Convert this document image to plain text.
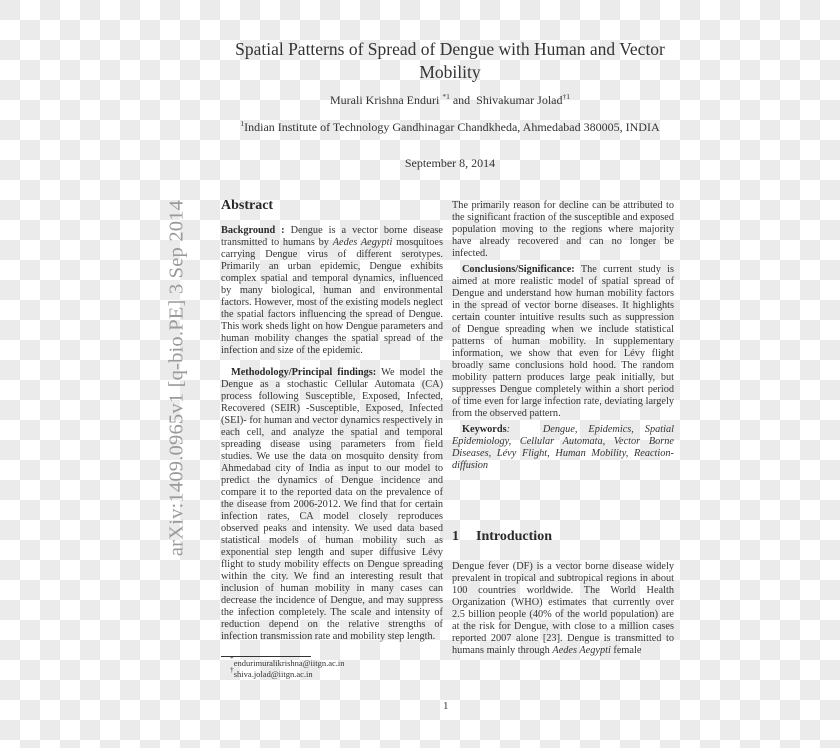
Spatial Patterns of Spread of Dengue with Human and Vector Mobility
Murali Krishna Enduri $^{*1}$ and Shivakumar Jolad$^{\dagger 1}$
$^1$Indian Institute of Technology Gandhinagar Chandkheda, Ahmedabad 380005, INDIA
September 8, 2014
arXiv:1409.0965v1 [q-bio.PE] 3 Sep 2014 Abstract

Background : Dengue is a vector borne disease transmitted to humans by Aedes Aegypti mosquitoes carrying Dengue virus of different serotypes. Primarily an urban epidemic, Dengue exhibits complex spatial and temporal dynamics, influenced by many biological, human and environmental factors. However, most of the existing models neglect the spatial factors influencing the spread of Dengue. This work sheds light on how Dengue parameters and human mobility changes the spatial spread of the infection and size of the epidemic.

Methodology/Principal findings: We model the Dengue as a stochastic Cellular Automata (CA) process following Susceptible, Exposed, Infected, Recovered (SEIR) -Susceptible, Exposed, Infected (SEI)- for human and vector dynamics respectively in each cell, and analyze the spatial and temporal spreading disease using parameters from field studies. We use the data on mosquito density from Ahmedabad city of India as input to our model to predict the dynamics of Dengue incidence and compare it to the reported data on the prevalence of the disease from 2006-2012. We find that for certain infection rates, CA model closely reproduces observed peaks and intensity. We used data based statistical models of human mobility such as exponential step length and super diffusive Lévy flight to study mobility effects on Dengue spreading within the city. We find an interesting result that inclusion of human mobility in many cases can decrease the incidence of Dengue, and may suppress the infection completely. The scale and intensity of reduction depend on the relative strengths of infection transmission rate and mobility step length.

*endurimuralikrishna@iitgn.ac.in
†shiva.jolad@iitgn.ac.in
The primarily reason for decline can be attributed to the significant fraction of the susceptible and exposed population moving to the regions where majority have already recovered and can no longer be infected.

Conclusions/Significance: The current study is aimed at more realistic model of spatial spread of Dengue and understand how human mobility factors in the spread of vector borne diseases. It highlights certain counter intuitive results such as suppression of Dengue spreading when we include statistical patterns of human mobility. In supplementary information, we show that even for Lévy flight broadly same conclusions hold hood. The random mobility pattern produces large peak initially, but suppresses Dengue completely within a short period of time even for large infection rate, deviating largely from the observed pattern.

Keywords:	Dengue, Epidemics, Spatial Epidemiology, Cellular Automata, Vector Borne Diseases, Lévy Flight, Human Mobility, Reaction-diffusion

1 Introduction

Dengue fever (DF) is a vector borne disease widely prevalent in tropical and subtropical regions in about 100 countries worldwide. The World Health Organization (WHO) estimates that currently over 2.5 billion people (40% of the world population) are at the risk for Dengue, with close to a million cases reported 2007 alone [23]. Dengue is transmitted to humans mainly through Aedes Aegypti female

1
